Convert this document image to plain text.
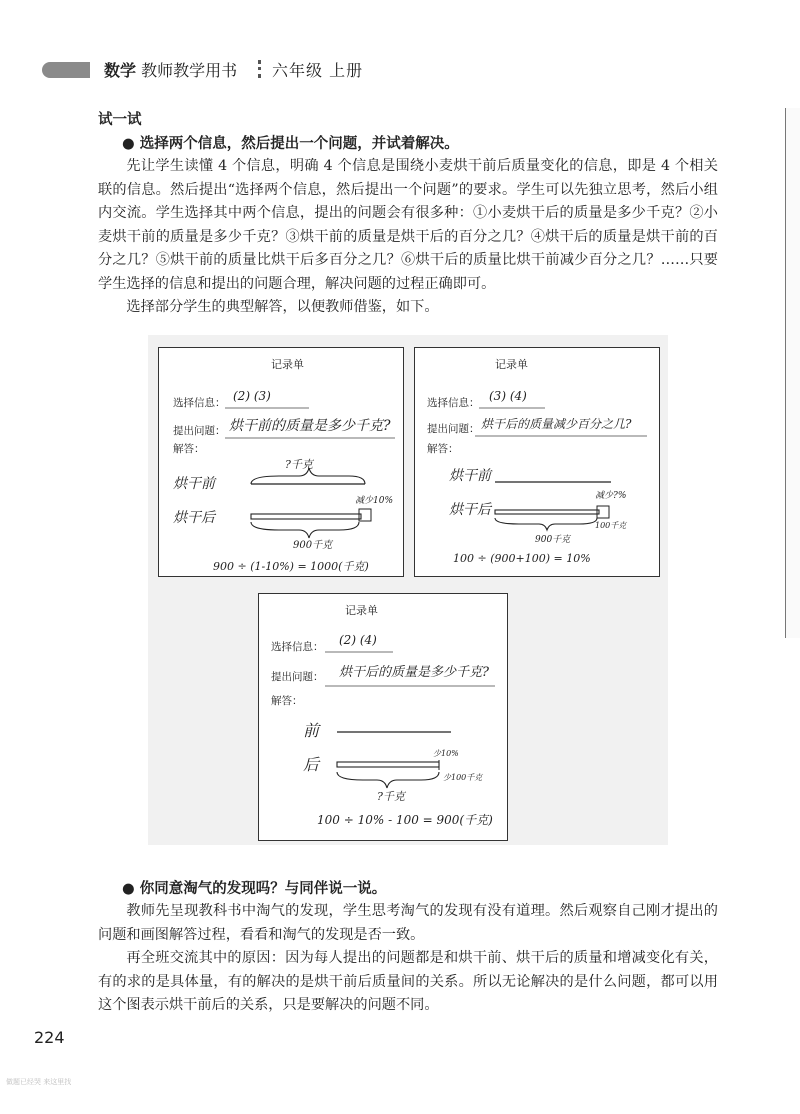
数学 教师教学用书 六年级 上册
试一试
● 选择两个信息，然后提出一个问题，并试着解决。

先让学生读懂 4 个信息，明确 4 个信息是围绕小麦烘干前后质量变化的信息，即是 4 个相关联的信息。然后提出“选择两个信息，然后提出一个问题”的要求。学生可以先独立思考，然后小组内交流。学生选择其中两个信息，提出的问题会有很多种：①小麦烘干后的质量是多少千克？②小麦烘干前的质量是多少千克？③烘干前的质量是烘干后的百分之几？④烘干后的质量是烘干前的百分之几？⑤烘干前的质量比烘干后多百分之几？⑥烘干后的质量比烘干前减少百分之几？……只要学生选择的信息和提出的问题合理，解决问题的过程正确即可。

选择部分学生的典型解答，以便教师借鉴，如下。

记录单
选择信息： (2) (3)
提出问题： 烘干前的质量是多少千克?
解答：
?千克
烘干前
烘干后
减少10%
900千克
900 ÷ (1-10%) = 1000(千克)
记录单
选择信息： (3) (4)
提出问题： 烘干后的质量减少百分之几?
解答：
烘干前
烘干后
减少?%
100千克
900千克
100 ÷ (900+100) = 10%
记录单
选择信息： (2) (4)
提出问题： 烘干后的质量是多少千克?
解答：
前
后
少10%
少100千克
?千克
100 ÷ 10% - 100 = 900(千克)
● 你同意淘气的发现吗？与同伴说一说。

教师先呈现教科书中淘气的发现，学生思考淘气的发现有没有道理。然后观察自己刚才提出的问题和画图解答过程，看看和淘气的发现是否一致。

再全班交流其中的原因：因为每人提出的问题都是和烘干前、烘干后的质量和增减变化有关，有的求的是具体量，有的解决的是烘干前后质量间的关系。所以无论解决的是什么问题，都可以用这个图表示烘干前后的关系，只是要解决的问题不同。

224
做题已经哭 来这里找
